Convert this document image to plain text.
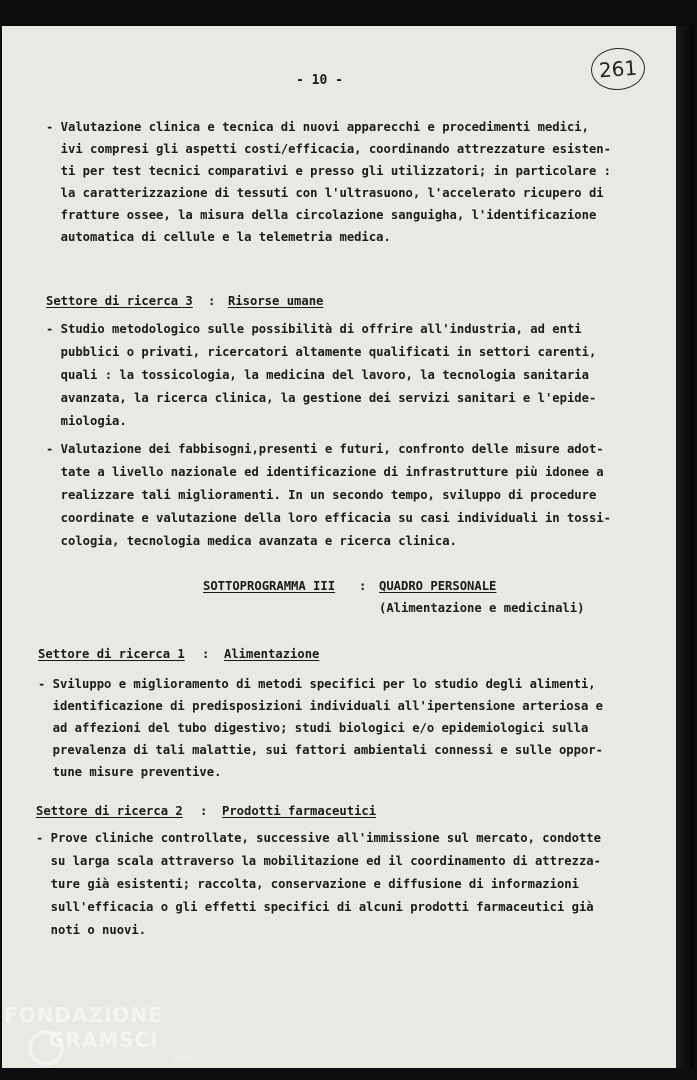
- 10 -	261
- Valutazione clinica e tecnica di nuovi apparecchi e procedimenti medici,
ivi compresi gli aspetti costi/efficacia, coordinando attrezzature esisten-
ti per test tecnici comparativi e presso gli utilizzatori; in particolare :
la caratterizzazione di tessuti con l'ultrasuono, l'accelerato ricupero di
fratture ossee, la misura della circolazione sanguigha, l'identificazione
automatica di cellule e la telemetria medica.
Settore di ricerca 3 : Risorse umane
- Studio metodologico sulle possibilità di offrire all'industria, ad enti
pubblici o privati, ricercatori altamente qualificati in settori carenti,
quali : la tossicologia, la medicina del lavoro, la tecnologia sanitaria
avanzata, la ricerca clinica, la gestione dei servizi sanitari e l'epide-
miologia.
- Valutazione dei fabbisogni,presenti e futuri, confronto delle misure adot-
tate a livello nazionale ed identificazione di infrastrutture più idonee a
realizzare tali miglioramenti. In un secondo tempo, sviluppo di procedure
coordinate e valutazione della loro efficacia su casi individuali in tossi-
cologia, tecnologia medica avanzata e ricerca clinica.
SOTTOPROGRAMMA III : QUADRO PERSONALE
(Alimentazione e medicinali)
Settore di ricerca 1 : Alimentazione
- Sviluppo e miglioramento di metodi specifici per lo studio degli alimenti,
identificazione di predisposizioni individuali all'ipertensione arteriosa e
ad affezioni del tubo digestivo; studi biologici e/o epidemiologici sulla
prevalenza di tali malattie, sui fattori ambientali connessi e sulle oppor-
tune misure preventive.
Settore di ricerca 2 : Prodotti farmaceutici
- Prove cliniche controllate, successive all'immissione sul mercato, condotte
su larga scala attraverso la mobilitazione ed il coordinamento di attrezza-
ture già esistenti; raccolta, conservazione e diffusione di informazioni
sull'efficacia o gli effetti specifici di alcuni prodotti farmaceutici già
noti o nuovi.
FONDAZIONE
GRAMSCI
onlus
